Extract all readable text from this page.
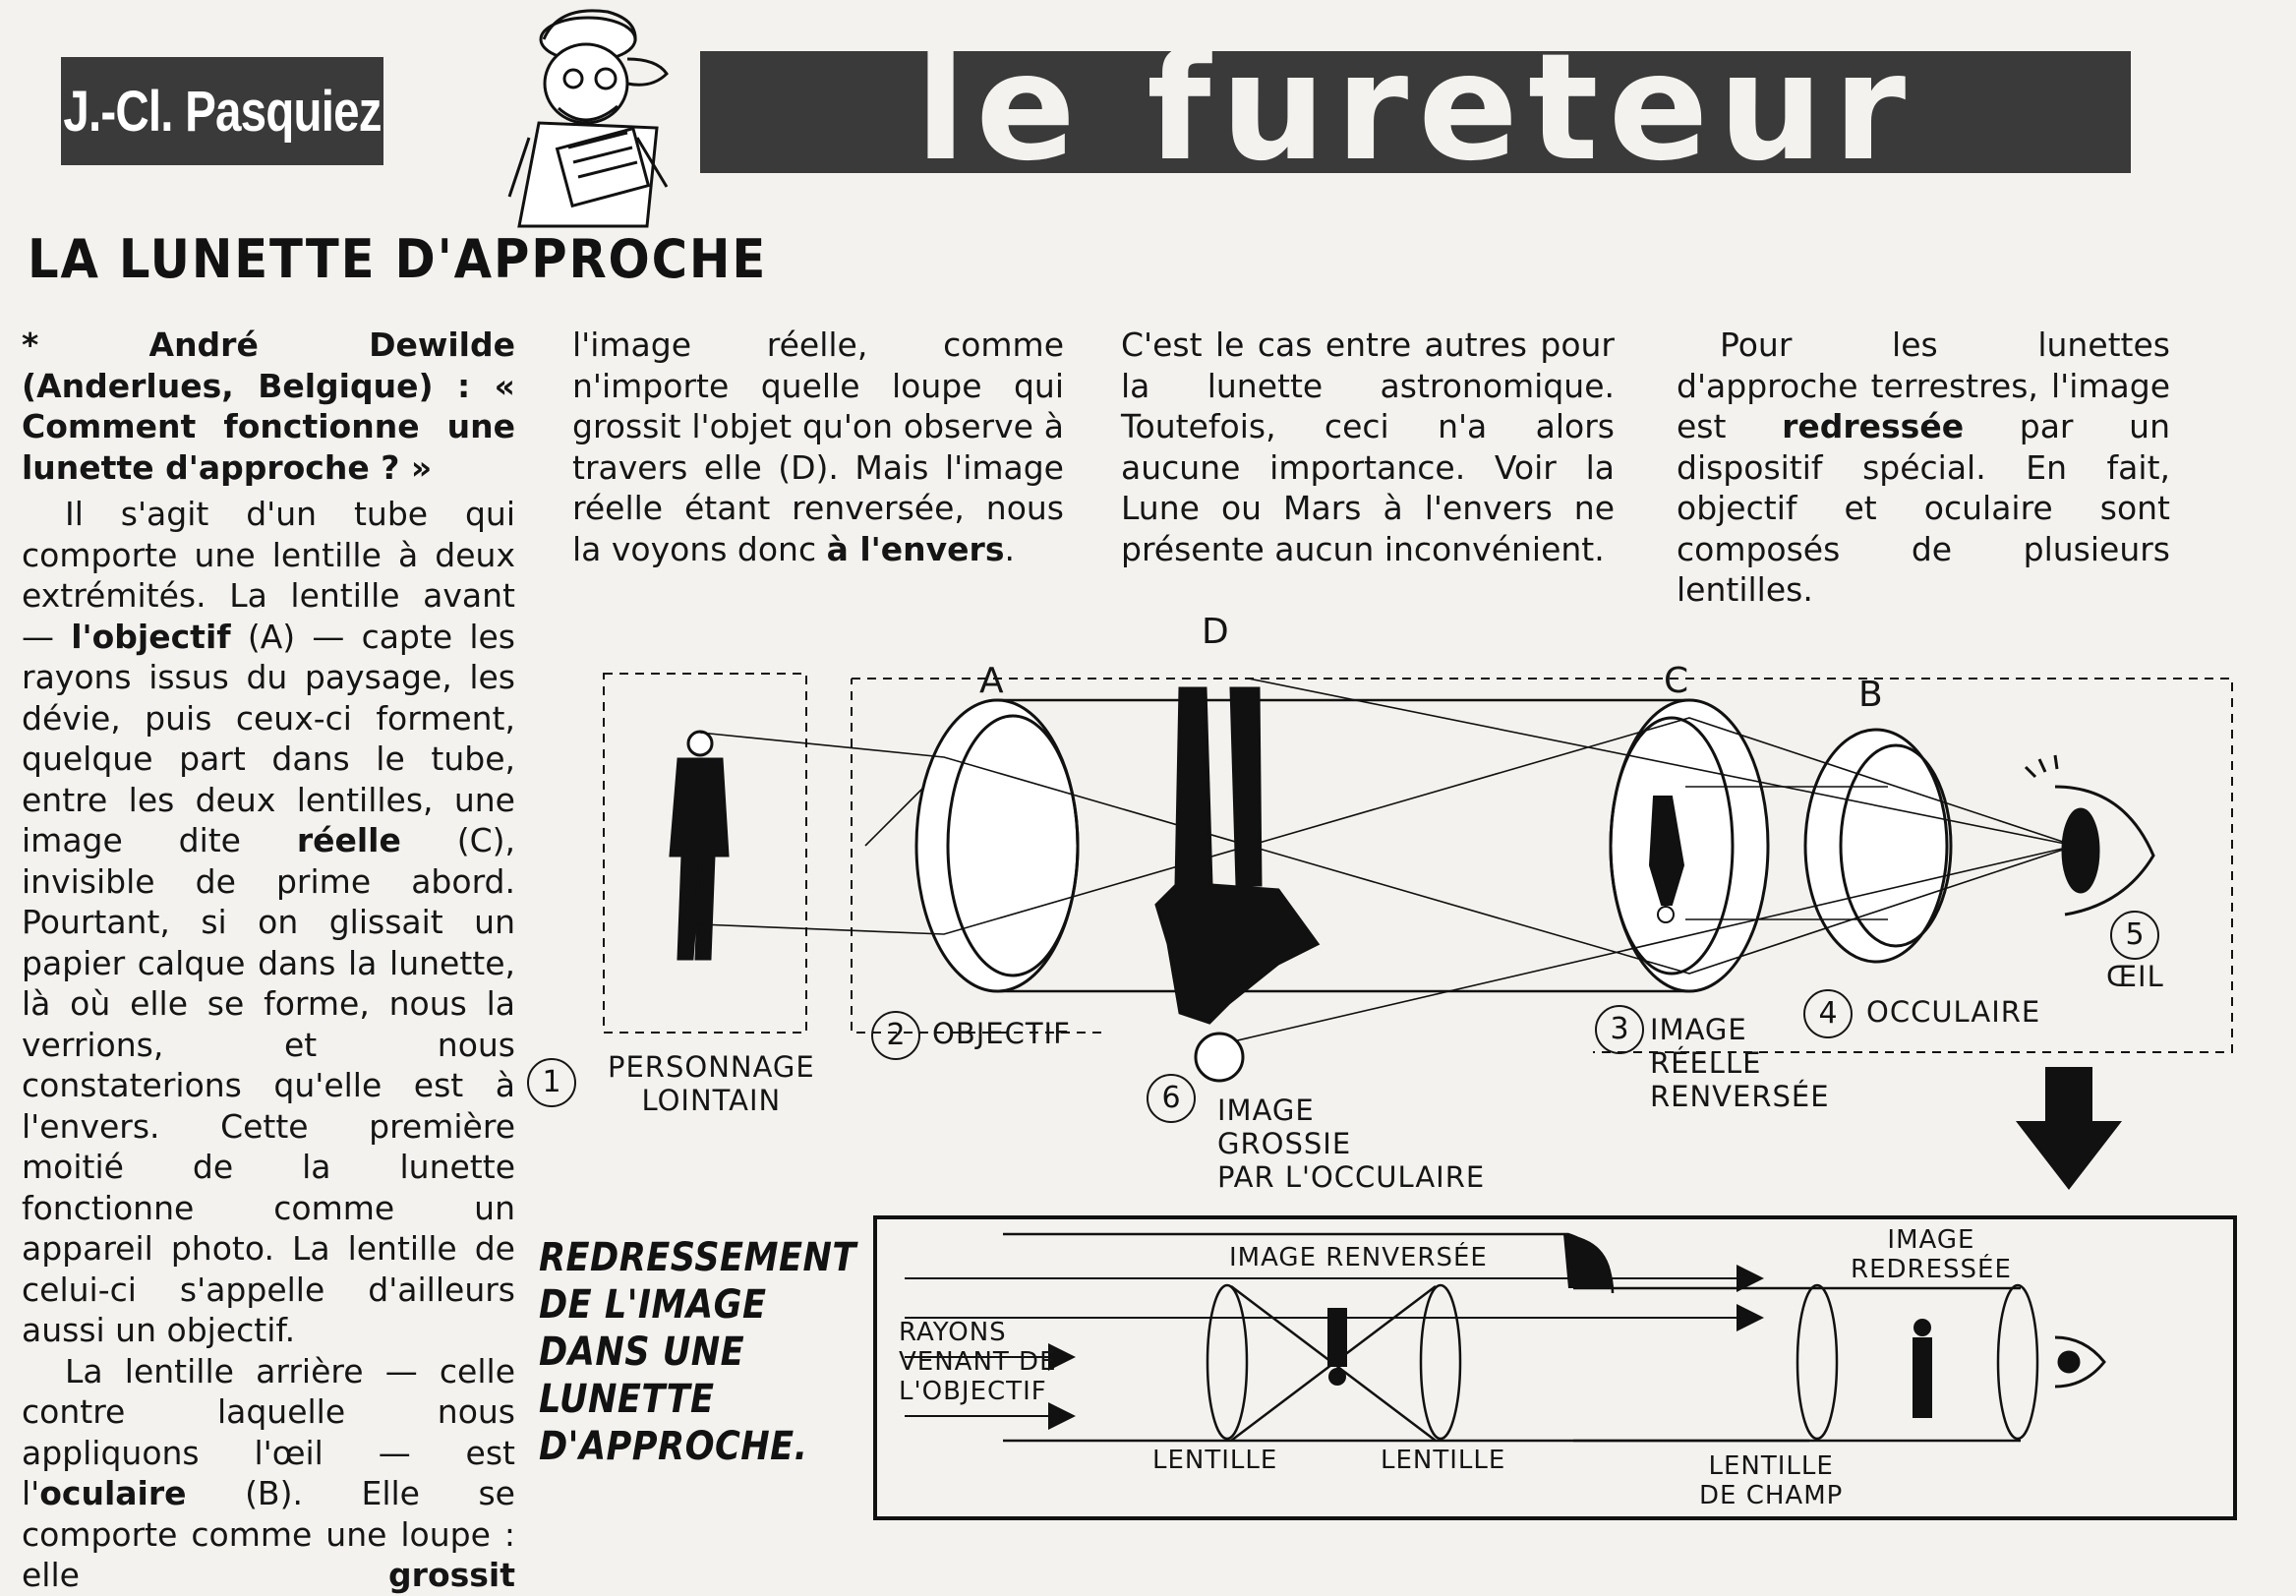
J.-Cl. Pasquiez	le fureteur
LA LUNETTE D'APPROCHE

* André Dewilde (Anderlues, Belgique) : « Comment fonctionne une lunette d'approche ? »

Il s'agit d'un tube qui comporte une lentille à deux extrémités. La lentille avant — l'objectif (A) — capte les rayons issus du paysage, les dévie, puis ceux-ci forment, quelque part dans le tube, entre les deux lentilles, une image dite réelle (C), invisible de prime abord. Pourtant, si on glissait un papier calque dans la lunette, là où elle se forme, nous la verrions, et nous constaterions qu'elle est à l'envers. Cette première moitié de la lunette fonctionne comme un appareil photo. La lentille de celui-ci s'appelle d'ailleurs aussi un objectif.

La lentille arrière — celle contre laquelle nous appliquons l'œil — est l'oculaire (B). Elle se comporte comme une loupe : elle grossit

l'image réelle, comme n'importe quelle loupe qui grossit l'objet qu'on observe à travers elle (D). Mais l'image réelle étant renversée, nous la voyons donc à l'envers.

C'est le cas entre autres pour la lunette astronomique. Toutefois, ceci n'a alors aucune importance. Voir la Lune ou Mars à l'envers ne présente aucun inconvénient.

Pour les lunettes d'approche terrestres, l'image est redressée par un dispositif spécial. En fait, objectif et oculaire sont composés de plusieurs lentilles.

D
A	C	B
1	PERSONNAGE
LOINTAIN
2 OBJECTIF	3 IMAGE
RÉELLE
RENVERSÉE
4	OCCULAIRE
5
ŒIL
6	IMAGE
GROSSIE
PAR L'OCCULAIRE
REDRESSEMENT
DE L'IMAGE
DANS UNE
LUNETTE
D'APPROCHE.
RAYONS
VENANT DE
L'OBJECTIF
IMAGE RENVERSÉE
IMAGE
REDRESSÉE
LENTILLE	LENTILLE	LENTILLE
DE CHAMP
